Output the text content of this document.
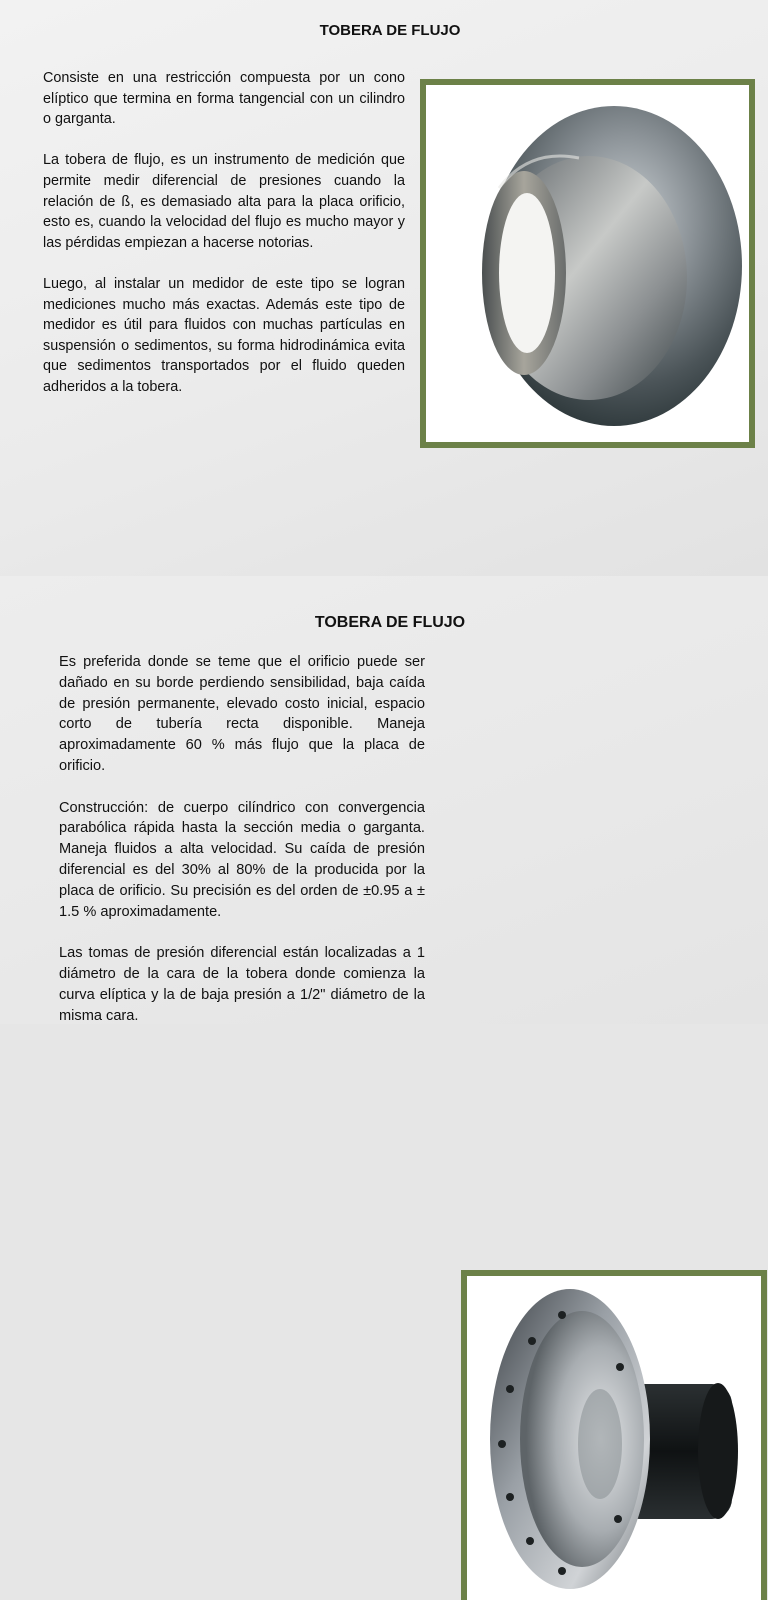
TOBERA DE FLUJO

Consiste en una restricción compuesta por un cono elíptico que termina en forma tangencial con un cilindro o garganta.

La tobera de flujo, es un instrumento de medición que permite medir diferencial de presiones cuando la relación de ß, es demasiado alta para la placa orificio, esto es, cuando la velocidad del flujo es mucho mayor y las pérdidas empiezan a hacerse notorias.

Luego, al instalar un medidor de este tipo se logran mediciones mucho más exactas. Además este tipo de medidor es útil para fluidos con muchas partículas en suspensión o sedimentos, su forma hidrodinámica evita que sedimentos transportados por el fluido queden adheridos a la tobera.

TOBERA DE FLUJO

Es preferida donde se teme que el orificio puede ser dañado en su borde perdiendo sensibilidad, baja caída de presión permanente, elevado costo inicial, espacio corto de tubería recta disponible. Maneja aproximadamente 60 % más flujo que la placa de orificio.

Construcción: de cuerpo cilíndrico con convergencia parabólica rápida hasta la sección media o garganta. Maneja fluidos a alta velocidad. Su caída de presión diferencial es del 30% al 80% de la producida por la placa de orificio. Su precisión es del orden de ±0.95 a ± 1.5 % aproximadamente.

Las tomas de presión diferencial están localizadas a 1 diámetro de la cara de la tobera donde comienza la curva elíptica y la de baja presión a 1/2" diámetro de la misma cara.
